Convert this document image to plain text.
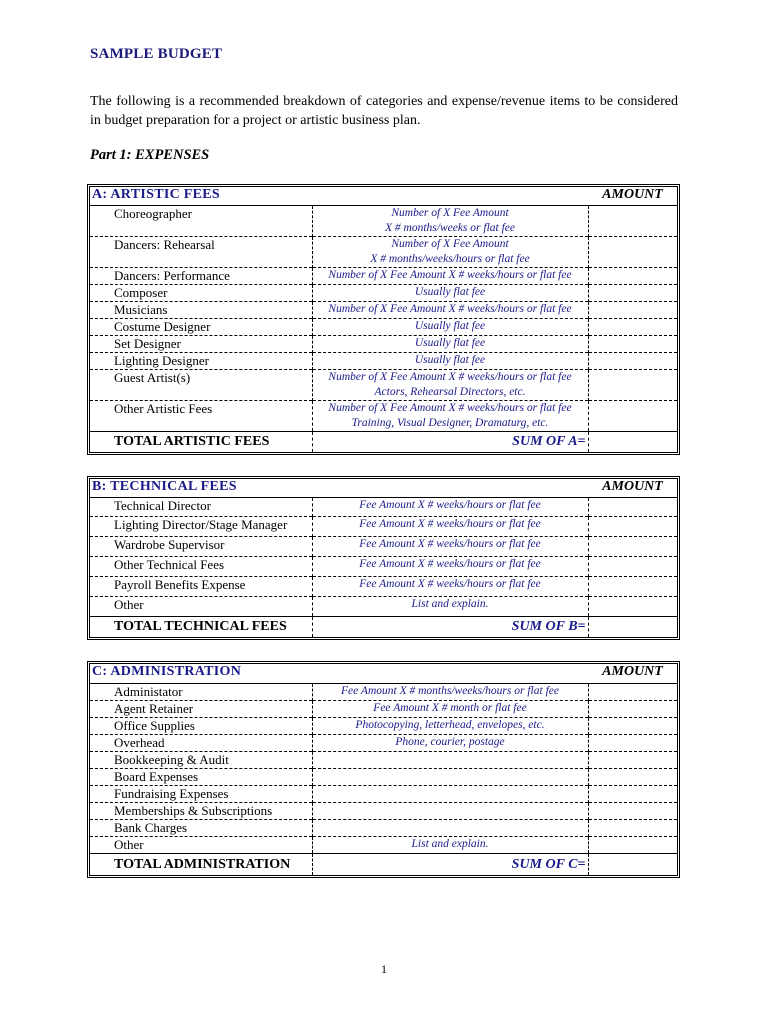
SAMPLE BUDGET
The following is a recommended breakdown of categories and expense/revenue items to be considered in budget preparation for a project or artistic business plan.
Part 1: EXPENSES
A: ARTISTIC FEES		AMOUNT
Choreographer	Number of X Fee Amount
X # months/weeks or flat fee	

Dancers: Rehearsal	Number of X Fee Amount
X # months/weeks/hours or flat fee	

Dancers: Performance	Number of X Fee Amount X # weeks/hours or flat fee	
Composer	Usually flat fee	
Musicians	Number of X Fee Amount X # weeks/hours or flat fee	
Costume Designer	Usually flat fee	
Set Designer	Usually flat fee	
Lighting Designer	Usually flat fee	
Guest Artist(s)	Number of X Fee Amount X # weeks/hours or flat fee
Actors, Rehearsal Directors, etc.	

Other Artistic Fees	Number of X Fee Amount X # weeks/hours or flat fee
Training, Visual Designer, Dramaturg, etc.	

TOTAL ARTISTIC FEES	SUM OF A=	
B: TECHNICAL FEES		AMOUNT
Technical Director	Fee Amount X # weeks/hours or flat fee	
Lighting Director/Stage Manager	Fee Amount X # weeks/hours or flat fee	
Wardrobe Supervisor	Fee Amount X # weeks/hours or flat fee	
Other Technical Fees	Fee Amount X # weeks/hours or flat fee	
Payroll Benefits Expense	Fee Amount X # weeks/hours or flat fee	
Other	List and explain.	
TOTAL TECHNICAL FEES	SUM OF B=	
C: ADMINISTRATION		AMOUNT
Administator	Fee Amount X # months/weeks/hours or flat fee	
Agent Retainer	Fee Amount X # month or flat fee	
Office Supplies	Photocopying, letterhead, envelopes, etc.	
Overhead	Phone, courier, postage	
Bookkeeping & Audit		
Board Expenses		
Fundraising Expenses		
Memberships & Subscriptions		
Bank Charges		
Other	List and explain.	
TOTAL ADMINISTRATION	SUM OF C=	
1
